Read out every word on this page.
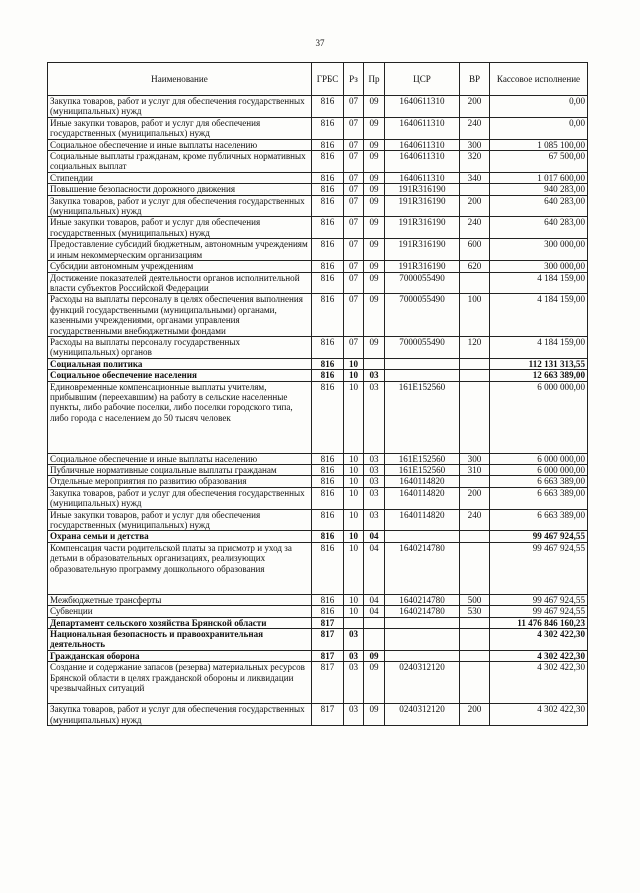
37
Наименование	ГРБС	Рз	Пр	ЦСР	ВР	Кассовое исполнение
Закупка товаров, работ и услуг для обеспечения государственных (муниципальных) нужд	816	07	09	1640611310	200	0,00
Иные закупки товаров, работ и услуг для обеспечения государственных (муниципальных) нужд	816	07	09	1640611310	240	0,00
Социальное обеспечение и иные выплаты населению	816	07	09	1640611310	300	1 085 100,00
Социальные выплаты гражданам, кроме публичных нормативных социальных выплат	816	07	09	1640611310	320	67 500,00
Стипендии	816	07	09	1640611310	340	1 017 600,00
Повышение безопасности дорожного движения	816	07	09	191R316190		940 283,00
Закупка товаров, работ и услуг для обеспечения государственных (муниципальных) нужд	816	07	09	191R316190	200	640 283,00
Иные закупки товаров, работ и услуг для обеспечения государственных (муниципальных) нужд	816	07	09	191R316190	240	640 283,00
Предоставление субсидий бюджетным, автономным учреждениям и иным некоммерческим организациям	816	07	09	191R316190	600	300 000,00
Субсидии автономным учреждениям	816	07	09	191R316190	620	300 000,00
Достижение показателей деятельности органов исполнительной власти субъектов Российской Федерации	816	07	09	7000055490		4 184 159,00
Расходы на выплаты персоналу в целях обеспечения выполнения функций государственными (муниципальными) органами, казенными учреждениями, органами управления государственными внебюджетными фондами	816	07	09	7000055490	100	4 184 159,00
Расходы на выплаты персоналу государственных (муниципальных) органов	816	07	09	7000055490	120	4 184 159,00
Социальная политика	816	10				112 131 313,55
Социальное обеспечение населения	816	10	03			12 663 389,00
Единовременные компенсационные выплаты учителям, прибывшим (переехавшим) на работу в сельские населенные пункты, либо рабочие поселки, либо поселки городского типа, либо города с населением до 50 тысяч человек	816	10	03	161E152560		6 000 000,00
Социальное обеспечение и иные выплаты населению	816	10	03	161E152560	300	6 000 000,00
Публичные нормативные социальные выплаты гражданам	816	10	03	161E152560	310	6 000 000,00
Отдельные мероприятия по развитию образования	816	10	03	1640114820		6 663 389,00
Закупка товаров, работ и услуг для обеспечения государственных (муниципальных) нужд	816	10	03	1640114820	200	6 663 389,00
Иные закупки товаров, работ и услуг для обеспечения государственных (муниципальных) нужд	816	10	03	1640114820	240	6 663 389,00
Охрана семьи и детства	816	10	04			99 467 924,55
Компенсация части родительской платы за присмотр и уход за детьми в образовательных организациях, реализующих образовательную программу дошкольного образования	816	10	04	1640214780		99 467 924,55
Межбюджетные трансферты	816	10	04	1640214780	500	99 467 924,55
Субвенции	816	10	04	1640214780	530	99 467 924,55
Департамент сельского хозяйства Брянской области	817					11 476 846 160,23
Национальная безопасность и правоохранительная деятельность	817	03				4 302 422,30
Гражданская оборона	817	03	09			4 302 422,30
Создание и содержание запасов (резерва) материальных ресурсов Брянской области в целях гражданской обороны и ликвидации чрезвычайных ситуаций	817	03	09	0240312120		4 302 422,30
Закупка товаров, работ и услуг для обеспечения государственных (муниципальных) нужд	817	03	09	0240312120	200	4 302 422,30
